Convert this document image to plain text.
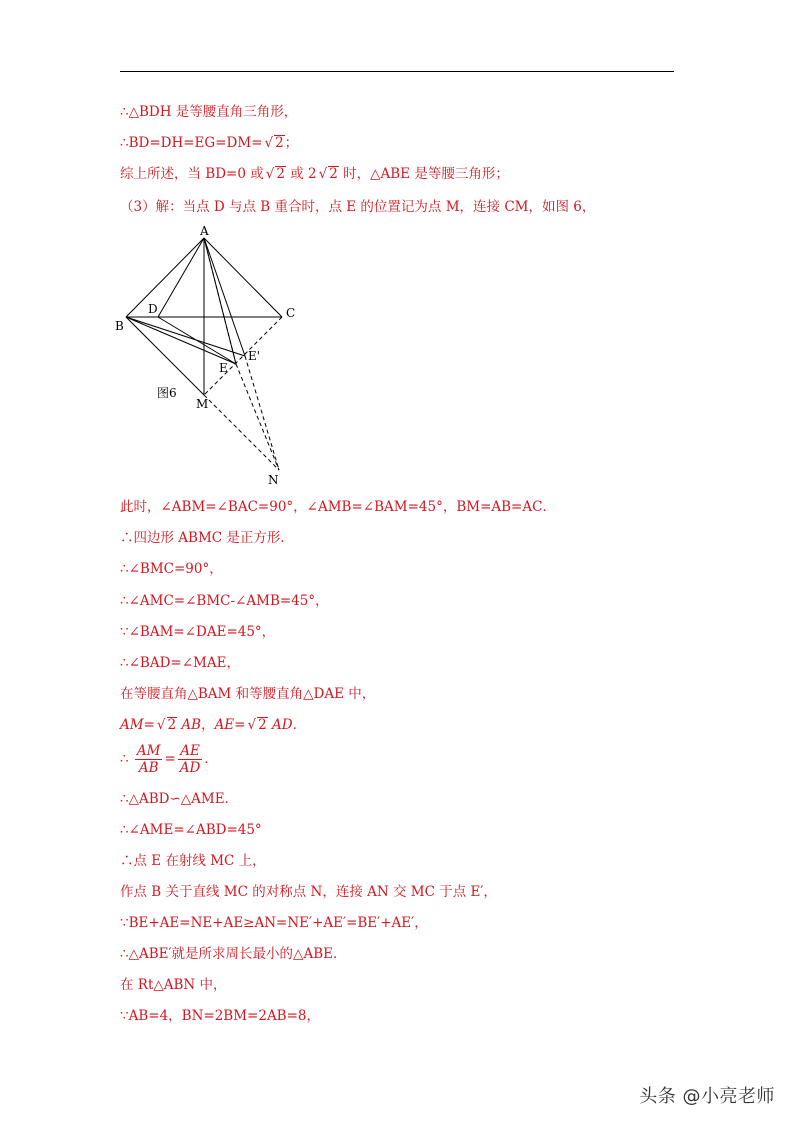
∴△BDH 是等腰直角三角形，
∴BD=DH=EG=DM= √ 2；
综上所述，当 BD=0 或 √ 2 或 2 √ 2 时，△ABE 是等腰三角形；
（3）解：当点 D 与点 B 重合时，点 E 的位置记为点 M，连接 CM，如图 6，
A
B
C
D
E
E'
M
N
图6
此时，∠ABM=∠BAC=90°，∠AMB=∠BAM=45°，BM=AB=AC．
∴四边形 ABMC 是正方形．
∴∠BMC=90°，
∴∠AMC=∠BMC-∠AMB=45°，
∵∠BAM=∠DAE=45°，
∴∠BAD=∠MAE，
在等腰直角△BAM 和等腰直角△DAE 中，
AM= √ 2 AB，AE= √ 2 AD．
∴ $\frac{AM}{AB} = \frac{AE}{AD}$ ．
∴△ABD∽△AME．
∴∠AME=∠ABD=45°
∴点 E 在射线 MC 上，
作点 B 关于直线 MC 的对称点 N，连接 AN 交 MC 于点 E′，
∵BE+AE=NE+AE≥AN=NE′+AE′=BE′+AE′，
∴△ABE′就是所求周长最小的△ABE．
在 Rt△ABN 中，
∵AB=4，BN=2BM=2AB=8，
头条 @小亮老师
